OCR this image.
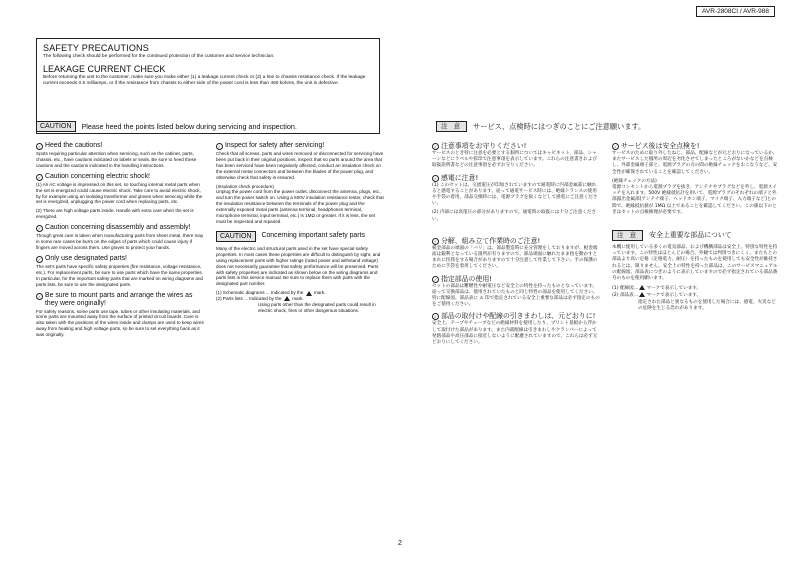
AVR-2808CI / AVR-988
SAFETY PRECAUTIONS
The following check should be performed for the continued protection of the customer and service technician.
LEAKAGE CURRENT CHECK
Before returning the unit to the customer, make sure you make either (1) a leakage current check or (2) a line to chassis resistance check. If the leakage current exceeds 0.5 milliamps, or if the resistance from chassis to either side of the power cord is less than 460 kohms, the unit is defective.
CAUTION	Please heed the points listed below during servicing and inspection.
✓ Heed the cautions!

Spots requiring particular attention when servicing, such as the cabinet, parts, chassis, etc., have cautions indicated on labels or seals. Be sure to heed these cautions and the cautions indicated in the handling instructions.

✓ Caution concerning electric shock!

(1) An AC voltage is impressed on this set, so touching internal metal parts when the set is energized could cause electric shock. Take care to avoid electric shock, by for example using an isolating transformer and gloves when servicing while the set is energized, unplugging the power cord when replacing parts, etc.

(2) There are high voltage parts inside. Handle with extra care when the set is energized.

✓ Caution concerning disassembly and assembly!

Though great care is taken when manufacturing parts from sheet metal, there may in some rare cases be burrs on the edges of parts which could cause injury if fingers are moved across them. Use gloves to protect your hands.

✓ Only use designated parts!

The set's parts have specific safety properties (fire resistance, voltage resistance, etc.). For replacement parts, be sure to use parts which have the same properties. In particular, for the important safety parts that are marked on wiring diagrams and parts lists, be sure to use the designated parts.

✓ Be sure to mount parts and arrange the wires as they were originally!

For safety reasons, some parts use tape, tubes or other insulating materials, and some parts are mounted away from the surface of printed circuit boards. Care is also taken with the positions of the wires inside and clamps are used to keep wires away from heating and high voltage parts, so be sure to set everything back as it was originally.

✓ Inspect for safety after servicing!

Check that all screws, parts and wires removed or disconnected for servicing have been put back in their original positions, inspect that no parts around the area that has been serviced have been negatively affected, conduct an insulation check on the external metal connectors and between the blades of the power plug, and otherwise check that safety is ensured.

(Insulation check procedure)

Unplug the power cord from the power outlet, disconnect the antenna, plugs, etc., and turn the power switch on. Using a 500V insulation resistance tester, check that the insulation resistance between the terminals of the power plug and the externally exposed metal parts (antenna terminal, headphones terminal, microphone terminal, input terminal, etc.) is 1MΩ or greater. If it is less, the set must be inspected and repaired.

CAUTION	Concerning important safety parts

Many of the electric and structural parts used in the set have special safety properties. In most cases these properties are difficult to distinguish by sight, and using replacement parts with higher ratings (rated power and withstand voltage) does not necessarily guarantee that safety performance will be preserved. Parts with safety properties are indicated as shown below on the wiring diagrams and parts lists is this service manual. Be sure to replace them with parts with the designated part number.

(1) Schematic diagrams ... Indicated by the mark.

(2) Parts lists ... Indicated by the mark.

Using parts other than the designated parts could result in electric shock, fires or other dangerous situations.

注 意	サービス、点検時にはつぎのことにご注意願います。
✓ 注意事項をお守りください!

サービスのとき特に注意を必要とする個所についてはキャビネット、部品、シャーシなどにラベルや捺印で注意事項を表示しています。これらの注意書きおよび取扱説明書などの注意事項を必ずお守りください。

✓ 感電に注意!

(1) このセットは、交流電圧が印加されていますので通電時に内部金属部に触れると感電することがあります。従って通電サービス時には、絶縁トランスの使用や手袋の着用、部品交換時には、電源プラグを抜くなどして感電にご注意ください。

(2) 内部には高電圧の部分がありますので、通電時の取扱には十分ご注意ください。

✓ 分解、組み立て作業時のご注意!

板金部品の端面の「バリ」は、部品製造時に充分管理をしておりますが、板金端面は鋭利となっている箇所が有りますので、部品端面に触れたまま指を動かすとまれに怪我をする場合がありますので十分注意して作業して下さい。手の保護のために手袋を着用してください。

✓ 指定部品の使用!

セットの部品は難燃性や耐電圧など安全上の特性を持ったものとなっています。従って交換部品は、使用されていたものと同じ特性の部品を使用してください。特に配線図、部品表に ⚠ 印で指定されている安全上重要な部品は必ず指定のものをご使用ください。

✓ 部品の取付けや配線の引きまわしは、元どおりに!

安全上、テープやチューブなどの絶縁材料を使用したり、プリント基板から浮かして取付けた部品があります。また内部配線は引きまわしやクランパーによって発熱部品や高圧部品に接近しないように配慮されていますので、これらは必ず元どおりにしてください。

✓ サービス後は安全点検を!

サービスのために取り外したねじ、部品、配線などが元どおりになっているか、またサービスした個所の周辺を劣化させてしまったところがないかなどを点検し、外部金属端子部と、電源プラグの刃の間の絶縁チェックをおこなうなど、安全性が確保されていることを確認してください。

(絶縁チェックの方法)

電源コンセントから電源プラグを抜き、アンテナやプラグなどを外し、電源スイッチを入れます。500V 絶縁抵抗計を用いて、電源プラグのそれぞれの端子と外部露出金属部[アンテナ端子、ヘッドホン端子、マイク端子、入力端子など]との間で、絶縁抵抗値が 1MΩ 以上であることを確認してください。この値以下のときはセットの点検修理が必要です。

注 意	安全上重要な部品について

本機に使用している多くの電気部品、および機構部品は安全上、特別な特性を持っています。この特性はほとんどの場合、外観では判別つきにくく、またもとの部品より高い定格（定格電力、耐圧）を持ったものを使用しても安全性が維持されるとは、限りません。安全上の特性を持った部品は、このサービスマニュアルの配線図、部品表につぎのように表示していますので必ず指定されている部品番号のものを使用願います。

(1) 配線図… マークで表示しています。

(2) 部品表… マークで表示しています。

指定された部品と異なるものを使用した場合には、感電、火災などの危険を生じる恐れがあります。

2
